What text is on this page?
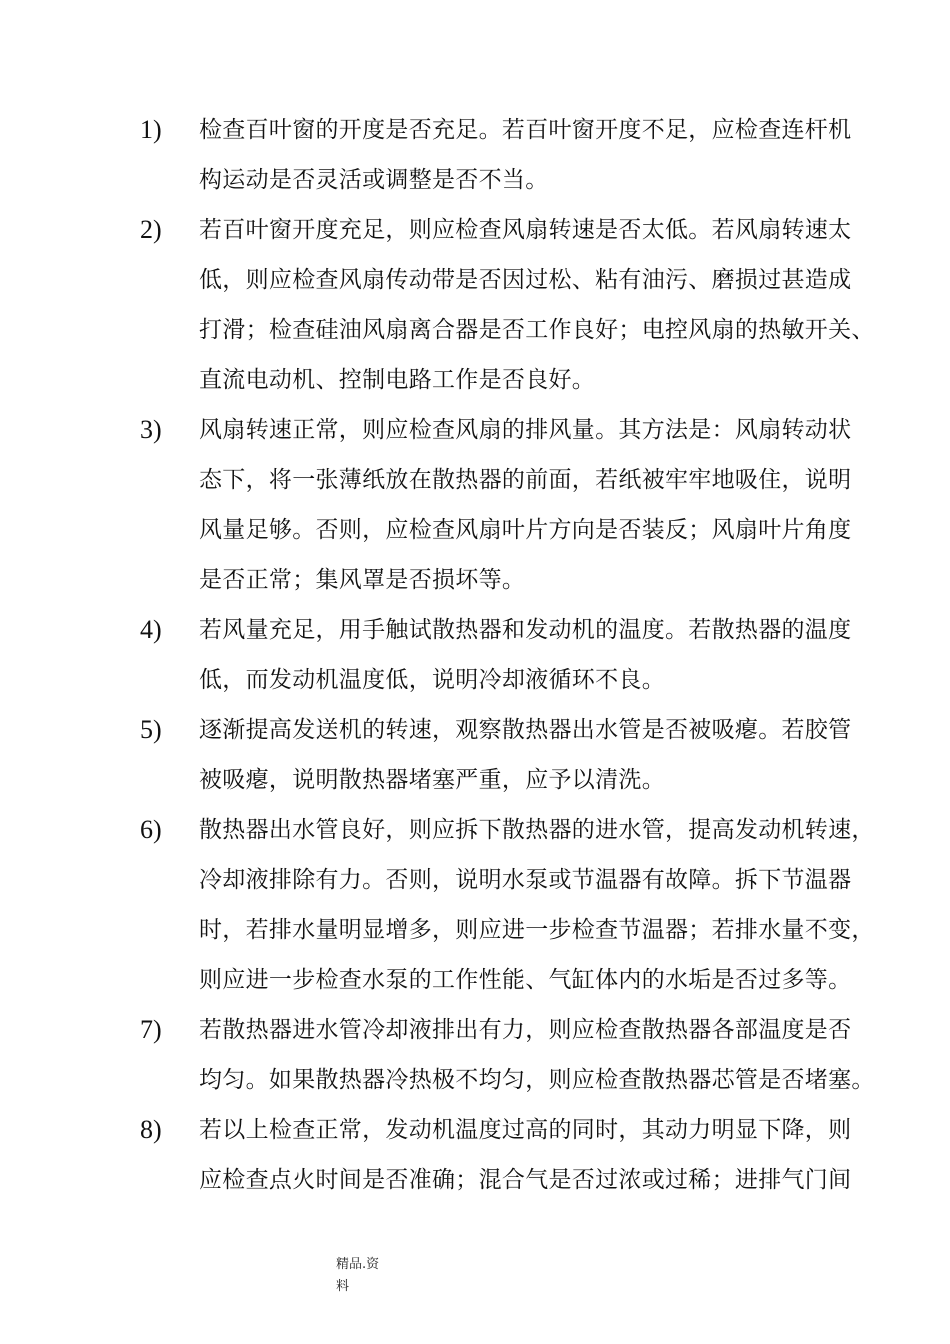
1) 检查百叶窗的开度是否充足。若百叶窗开度不足，应检查连杆机
构运动是否灵活或调整是否不当。
2) 若百叶窗开度充足，则应检查风扇转速是否太低。若风扇转速太
低，则应检查风扇传动带是否因过松、粘有油污、磨损过甚造成
打滑；检查硅油风扇离合器是否工作良好；电控风扇的热敏开关、
直流电动机、控制电路工作是否良好。
3) 风扇转速正常，则应检查风扇的排风量。其方法是：风扇转动状
态下，将一张薄纸放在散热器的前面，若纸被牢牢地吸住，说明
风量足够。否则，应检查风扇叶片方向是否装反；风扇叶片角度
是否正常；集风罩是否损坏等。
4) 若风量充足，用手触试散热器和发动机的温度。若散热器的温度
低，而发动机温度低，说明冷却液循环不良。
5) 逐渐提高发送机的转速，观察散热器出水管是否被吸瘪。若胶管
被吸瘪，说明散热器堵塞严重，应予以清洗。
6) 散热器出水管良好，则应拆下散热器的进水管，提高发动机转速，
冷却液排除有力。否则，说明水泵或节温器有故障。拆下节温器
时，若排水量明显增多，则应进一步检查节温器；若排水量不变，
则应进一步检查水泵的工作性能、气缸体内的水垢是否过多等。
7) 若散热器进水管冷却液排出有力，则应检查散热器各部温度是否
均匀。如果散热器冷热极不均匀，则应检查散热器芯管是否堵塞。
8) 若以上检查正常，发动机温度过高的同时，其动力明显下降，则
应检查点火时间是否准确；混合气是否过浓或过稀；进排气门间
精品.资
料
